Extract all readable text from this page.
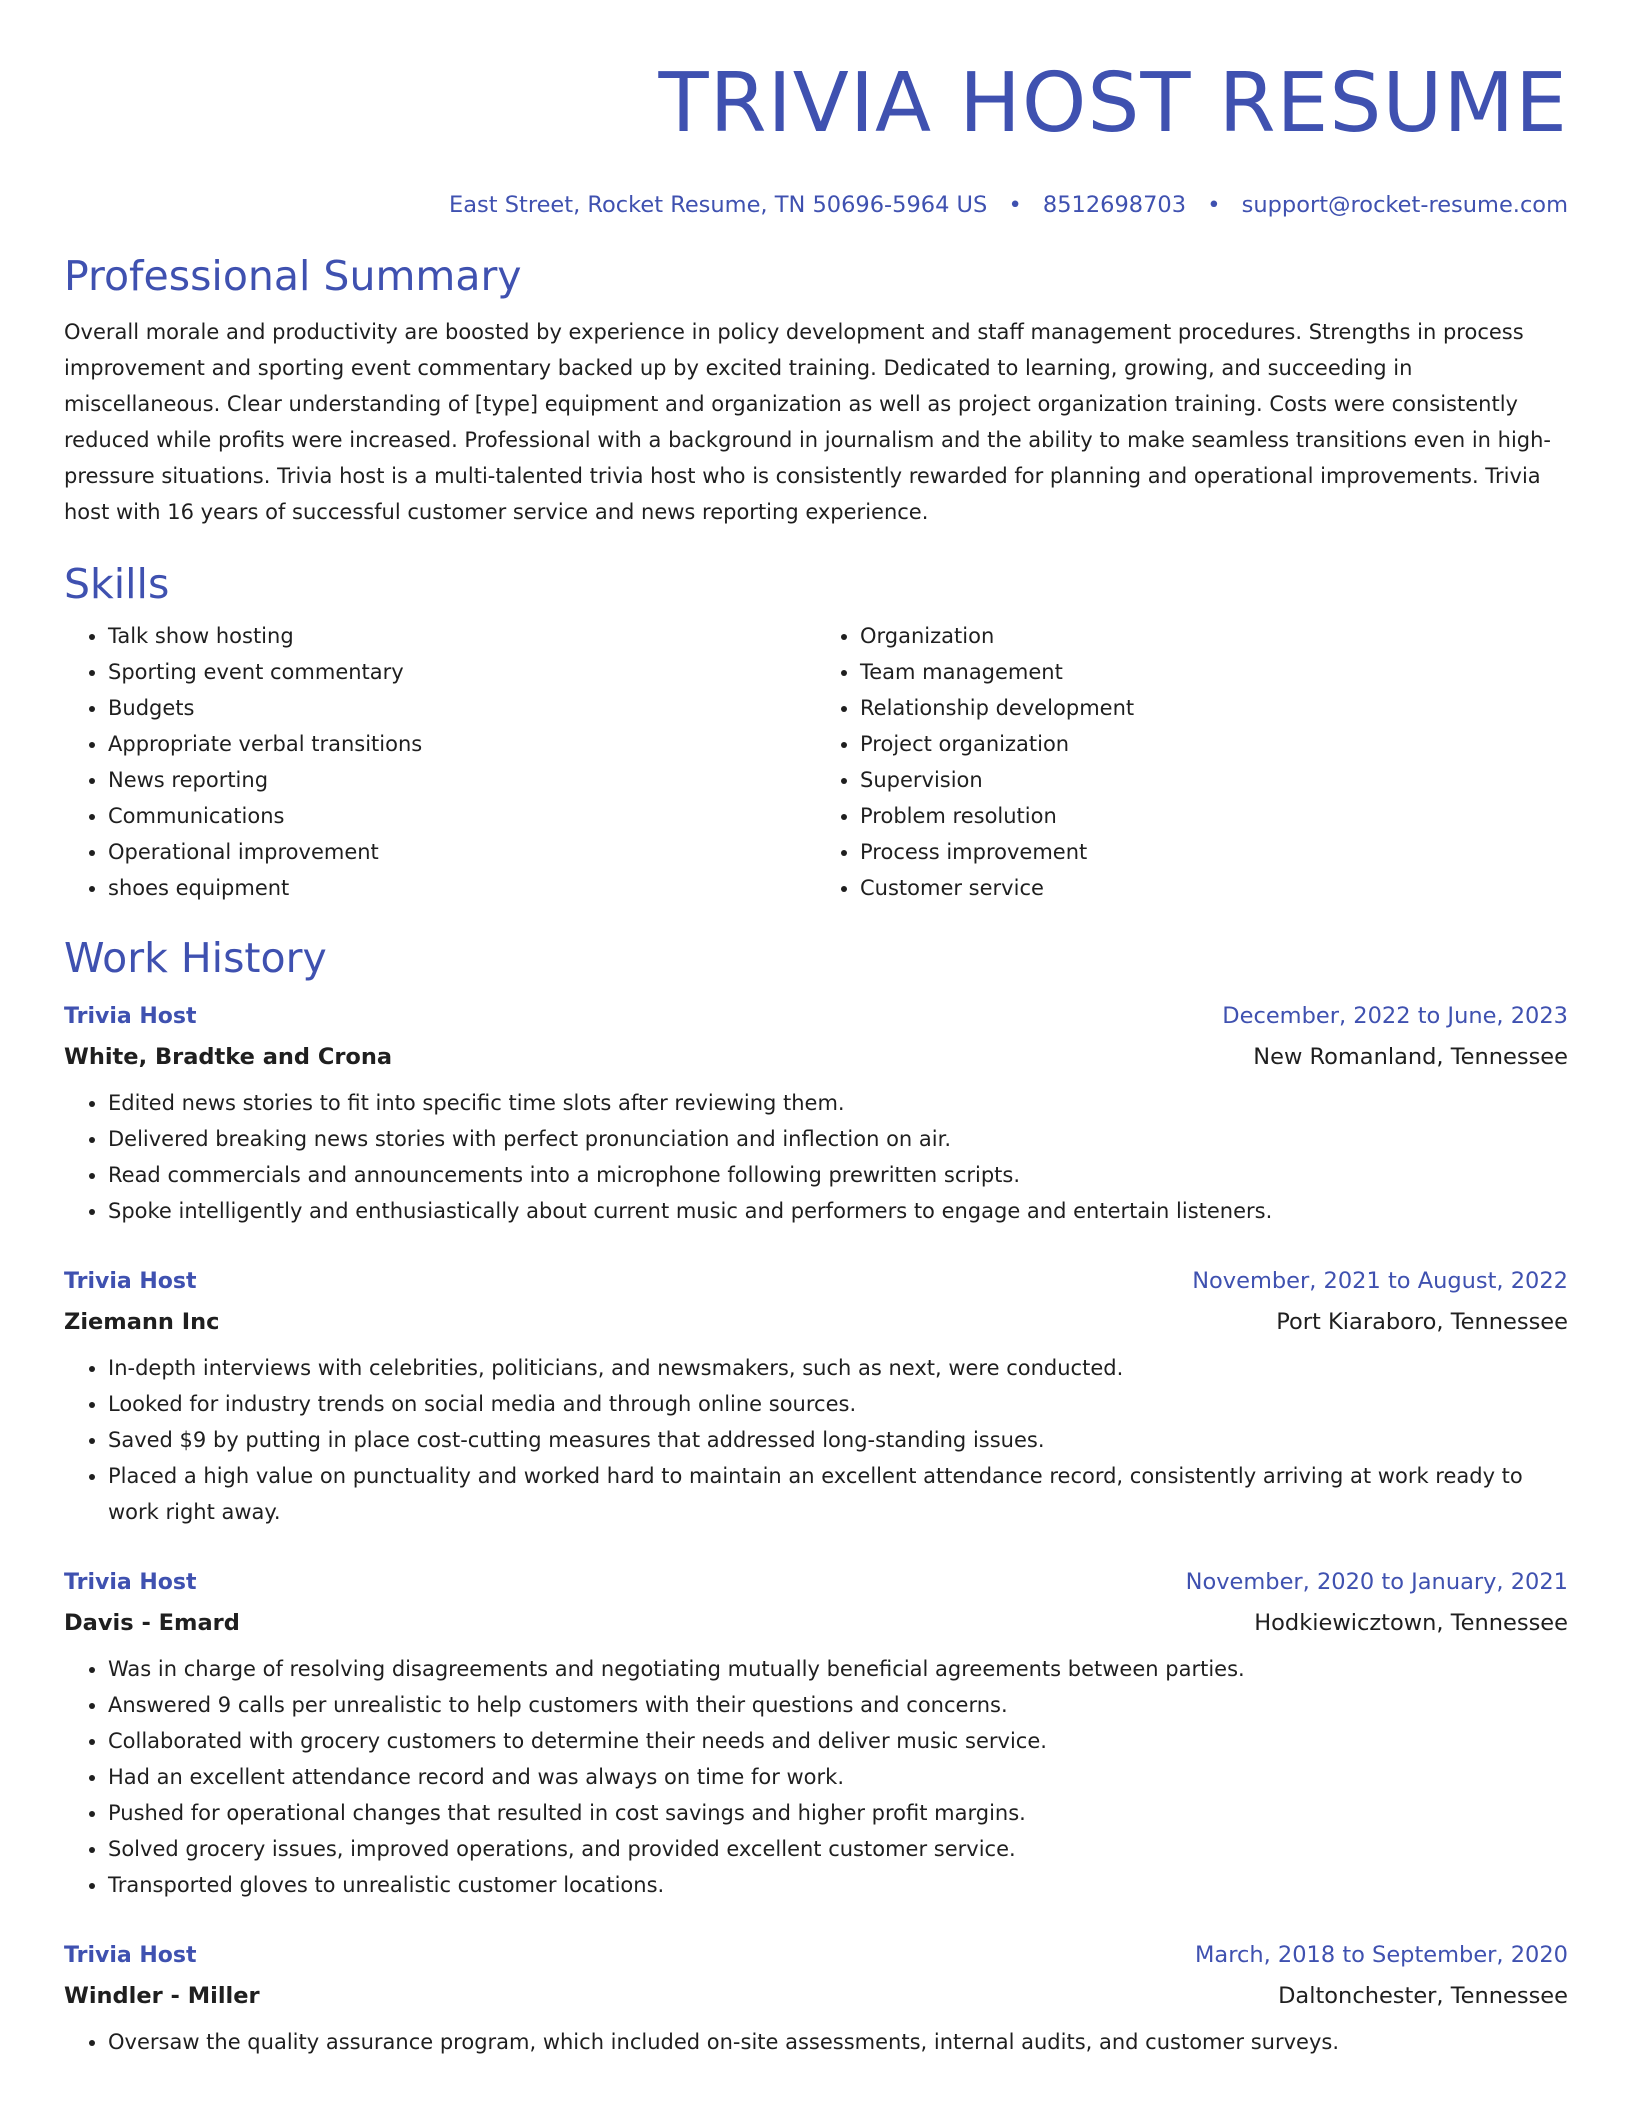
TRIVIA HOST RESUME
East Street, Rocket Resume, TN 50696-5964 US • 8512698703 • support@rocket-resume.com
Professional Summary
Overall morale and productivity are boosted by experience in policy development and staff management procedures. Strengths in process improvement and sporting event commentary backed up by excited training. Dedicated to learning, growing, and succeeding in miscellaneous. Clear understanding of [type] equipment and organization as well as project organization training. Costs were consistently reduced while profits were increased. Professional with a background in journalism and the ability to make seamless transitions even in high-pressure situations. Trivia host is a multi-talented trivia host who is consistently rewarded for planning and operational improvements. Trivia host with 16 years of successful customer service and news reporting experience.
Skills
• Talk show hosting
• Sporting event commentary
• Budgets
• Appropriate verbal transitions
• News reporting
• Communications
• Operational improvement
• shoes equipment
• Organization
• Team management
• Relationship development
• Project organization
• Supervision
• Problem resolution
• Process improvement
• Customer service
Work History
Trivia Host	December, 2022 to June, 2023
White, Bradtke and Crona	New Romanland, Tennessee
• Edited news stories to fit into specific time slots after reviewing them.
• Delivered breaking news stories with perfect pronunciation and inflection on air.
• Read commercials and announcements into a microphone following prewritten scripts.
• Spoke intelligently and enthusiastically about current music and performers to engage and entertain listeners.
Trivia Host	November, 2021 to August, 2022
Ziemann Inc	Port Kiaraboro, Tennessee
• In-depth interviews with celebrities, politicians, and newsmakers, such as next, were conducted.
• Looked for industry trends on social media and through online sources.
• Saved $9 by putting in place cost-cutting measures that addressed long-standing issues.
• Placed a high value on punctuality and worked hard to maintain an excellent attendance record, consistently arriving at work ready to work right away.
Trivia Host	November, 2020 to January, 2021
Davis - Emard	Hodkiewicztown, Tennessee
• Was in charge of resolving disagreements and negotiating mutually beneficial agreements between parties.
• Answered 9 calls per unrealistic to help customers with their questions and concerns.
• Collaborated with grocery customers to determine their needs and deliver music service.
• Had an excellent attendance record and was always on time for work.
• Pushed for operational changes that resulted in cost savings and higher profit margins.
• Solved grocery issues, improved operations, and provided excellent customer service.
• Transported gloves to unrealistic customer locations.
Trivia Host	March, 2018 to September, 2020
Windler - Miller	Daltonchester, Tennessee
• Oversaw the quality assurance program, which included on-site assessments, internal audits, and customer surveys.
